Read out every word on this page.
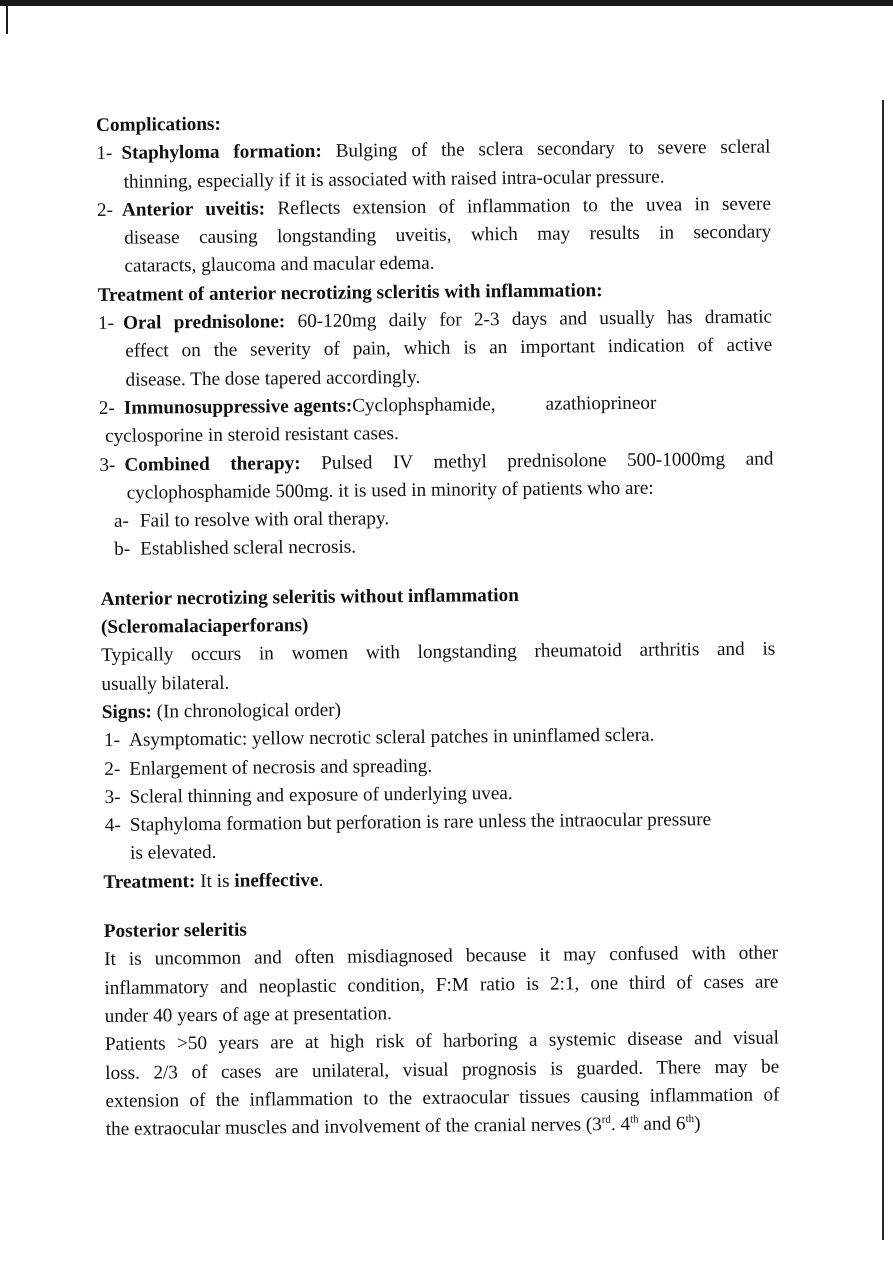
Complications:
1- Staphyloma formation: Bulging of the sclera secondary to severe scleral
thinning, especially if it is associated with raised intra-ocular pressure.
2- Anterior uveitis: Reflects extension of inflammation to the uvea in severe
disease causing longstanding uveitis, which may results in secondary
cataracts, glaucoma and macular edema.
Treatment of anterior necrotizing scleritis with inflammation:
1- Oral prednisolone: 60-120mg daily for 2-3 days and usually has dramatic
effect on the severity of pain, which is an important indication of active
disease. The dose tapered accordingly.
2- Immunosuppressive agents:Cyclophsphamide,	azathioprineor
cyclosporine in steroid resistant cases.
3- Combined therapy: Pulsed IV methyl prednisolone 500-1000mg and
cyclophosphamide 500mg. it is used in minority of patients who are:
a- Fail to resolve with oral therapy.
b- Established scleral necrosis.
Anterior necrotizing seleritis without inflammation
(Scleromalaciaperforans)
Typically occurs in women with longstanding rheumatoid arthritis and is
usually bilateral.
Signs: (In chronological order)
1- Asymptomatic: yellow necrotic scleral patches in uninflamed sclera.
2- Enlargement of necrosis and spreading.
3- Scleral thinning and exposure of underlying uvea.
4- Staphyloma formation but perforation is rare unless the intraocular pressure
is elevated.
Treatment: It is ineffective.
Posterior seleritis
It is uncommon and often misdiagnosed because it may confused with other
inflammatory and neoplastic condition, F:M ratio is 2:1, one third of cases are
under 40 years of age at presentation.
Patients >50 years are at high risk of harboring a systemic disease and visual
loss. 2/3 of cases are unilateral, visual prognosis is guarded. There may be
extension of the inflammation to the extraocular tissues causing inflammation of
the extraocular muscles and involvement of the cranial nerves (3rd. 4th and 6th)
